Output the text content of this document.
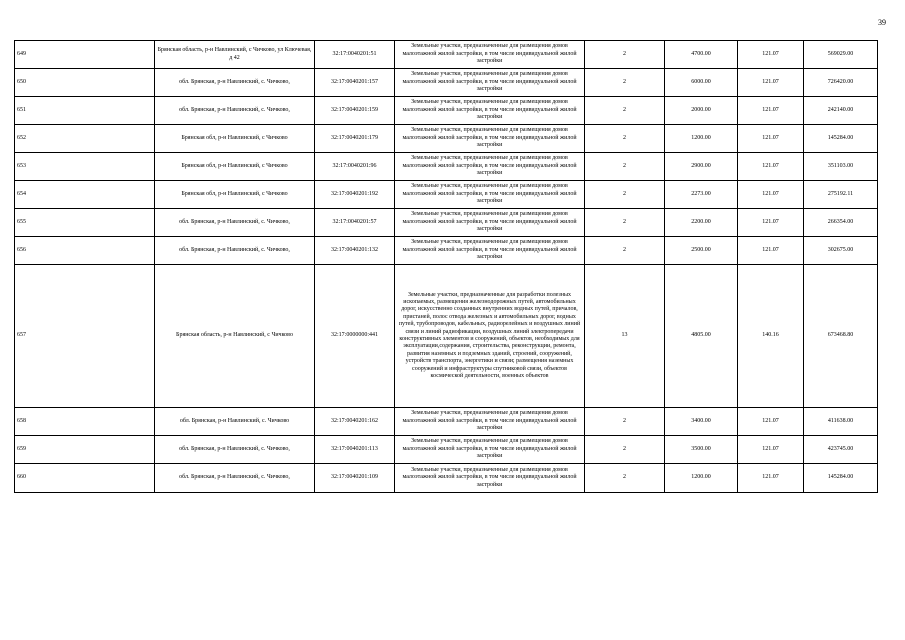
39
649	Брянская область, р-н Навлинский, с Чичково, ул Ключевая, д 42	32:17:0040201:51	Земельные участки, предназначенные для размещения домов малоэтажной жилой застройки, в том числе индивидуальной жилой застройки	2	4700.00	121.07	569029.00
650	обл. Брянская, р-н Навлинский, с. Чичково,	32:17:0040201:157	Земельные участки, предназначенные для размещения домов малоэтажной жилой застройки, в том числе индивидуальной жилой застройки	2	6000.00	121.07	726420.00
651	обл. Брянская, р-н Навлинский, с. Чичково,	32:17:0040201:159	Земельные участки, предназначенные для размещения домов малоэтажной жилой застройки, в том числе индивидуальной жилой застройки	2	2000.00	121.07	242140.00
652	Брянская обл, р-н Навлинский, с Чичково	32:17:0040201:179	Земельные участки, предназначенные для размещения домов малоэтажной жилой застройки, в том числе индивидуальной жилой застройки	2	1200.00	121.07	145284.00
653	Брянская обл, р-н Навлинский, с Чичково	32:17:0040201:96	Земельные участки, предназначенные для размещения домов малоэтажной жилой застройки, в том числе индивидуальной жилой застройки	2	2900.00	121.07	351103.00
654	Брянская обл, р-н Навлинский, с Чичково	32:17:0040201:192	Земельные участки, предназначенные для размещения домов малоэтажной жилой застройки, в том числе индивидуальной жилой застройки	2	2273.00	121.07	275192.11
655	обл. Брянская, р-н Навлинский, с. Чичково,	32:17:0040201:57	Земельные участки, предназначенные для размещения домов малоэтажной жилой застройки, в том числе индивидуальной жилой застройки	2	2200.00	121.07	266354.00
656	обл. Брянская, р-н Навлинский, с. Чичково,	32:17:0040201:132	Земельные участки, предназначенные для размещения домов малоэтажной жилой застройки, в том числе индивидуальной жилой застройки	2	2500.00	121.07	302675.00
657	Брянская область, р-н Навлинский, с Чичково	32:17:0000000:441	Земельные участки, предназначенные для разработки полезных ископаемых, размещения железнодорожных путей, автомобильных дорог, искусственно созданных внутренних водных путей, причалов, пристаней, полос отвода железных и автомобильных дорог, водных путей, трубопроводов, кабельных, радиорелейных и воздушных линий связи и линий радиофикации, воздушных линий электропередачи конструктивных элементов и сооружений, объектов, необходимых для эксплуатации,содержания, строительства, реконструкции, ремонта, развития наземных и подземных зданий, строений, сооружений, устройств транспорта, энергетики и связи; размещения наземных сооружений и инфраструктуры спутниковой связи, объектов космической деятельности, военных объектов	13	4805.00	140.16	673468.80
658	обл. Брянская, р-н Навлинский, с. Чичково	32:17:0040201:162	Земельные участки, предназначенные для размещения домов малоэтажной жилой застройки, в том числе индивидуальной жилой застройки	2	3400.00	121.07	411638.00
659	обл. Брянская, р-н Навлинский, с. Чичково,	32:17:0040201:113	Земельные участки, предназначенные для размещения домов малоэтажной жилой застройки, в том числе индивидуальной жилой застройки	2	3500.00	121.07	423745.00
660	обл. Брянская, р-н Навлинский, с. Чичково,	32:17:0040201:109	Земельные участки, предназначенные для размещения домов малоэтажной жилой застройки, в том числе индивидуальной жилой застройки	2	1200.00	121.07	145284.00
